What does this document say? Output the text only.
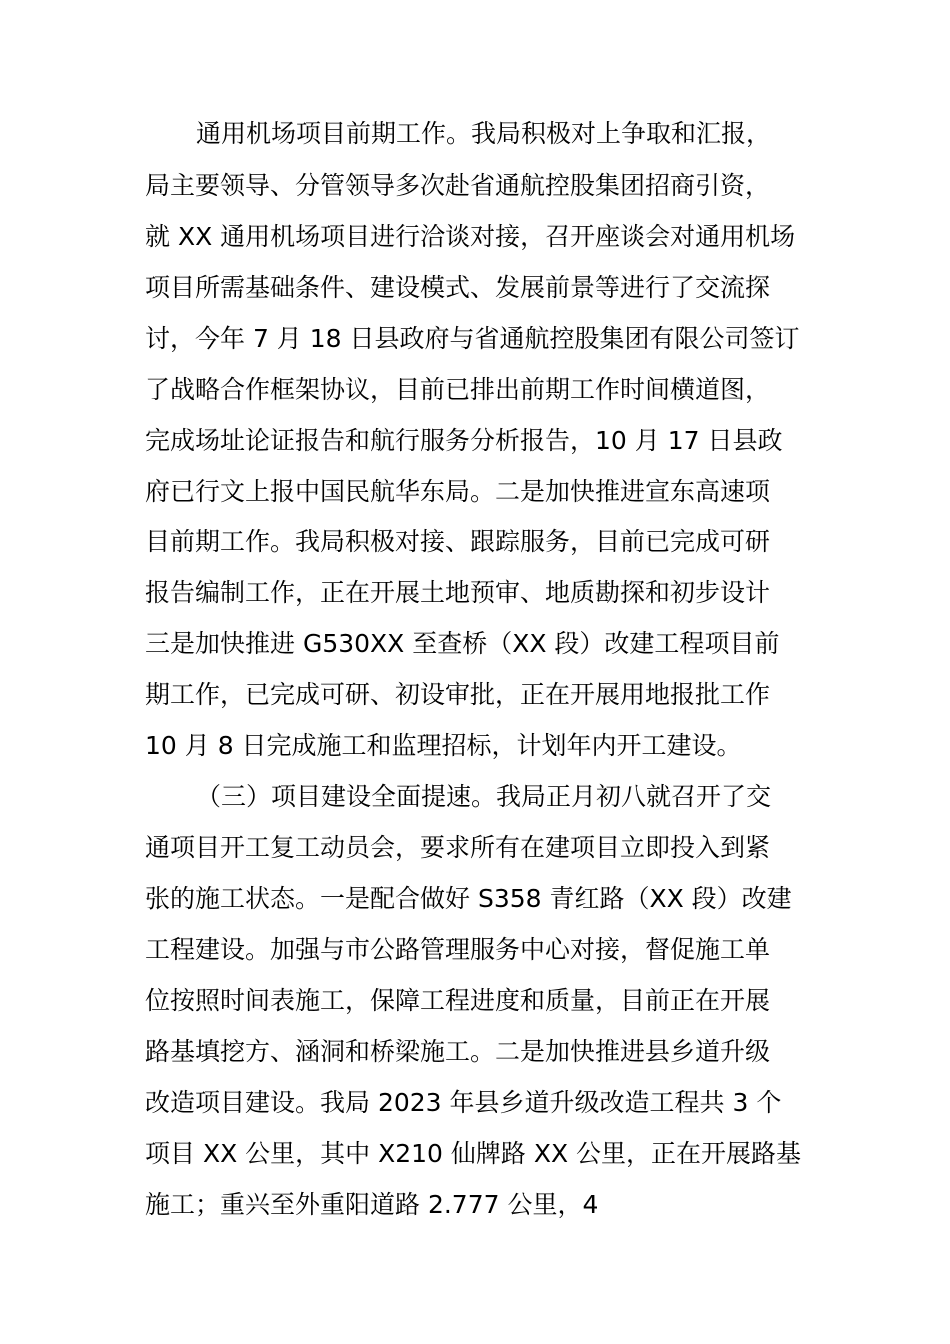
通用机场项目前期工作。我局积极对上争取和汇报，
局主要领导、分管领导多次赴省通航控股集团招商引资，
就 XX 通用机场项目进行洽谈对接，召开座谈会对通用机场
项目所需基础条件、建设模式、发展前景等进行了交流探
讨，今年 7 月 18 日县政府与省通航控股集团有限公司签订
了战略合作框架协议，目前已排出前期工作时间横道图，
完成场址论证报告和航行服务分析报告，10 月 17 日县政
府已行文上报中国民航华东局。二是加快推进宣东高速项
目前期工作。我局积极对接、跟踪服务，目前已完成可研
报告编制工作，正在开展土地预审、地质勘探和初步设计
三是加快推进 G530XX 至查桥（XX 段）改建工程项目前
期工作，已完成可研、初设审批，正在开展用地报批工作
10 月 8 日完成施工和监理招标，计划年内开工建设。
（三）项目建设全面提速。我局正月初八就召开了交
通项目开工复工动员会，要求所有在建项目立即投入到紧
张的施工状态。一是配合做好 S358 青红路（XX 段）改建
工程建设。加强与市公路管理服务中心对接，督促施工单
位按照时间表施工，保障工程进度和质量，目前正在开展
路基填挖方、涵洞和桥梁施工。二是加快推进县乡道升级
改造项目建设。我局 2023 年县乡道升级改造工程共 3 个
项目 XX 公里，其中 X210 仙牌路 XX 公里，正在开展路基
施工；重兴至外重阳道路 2.777 公里，4
